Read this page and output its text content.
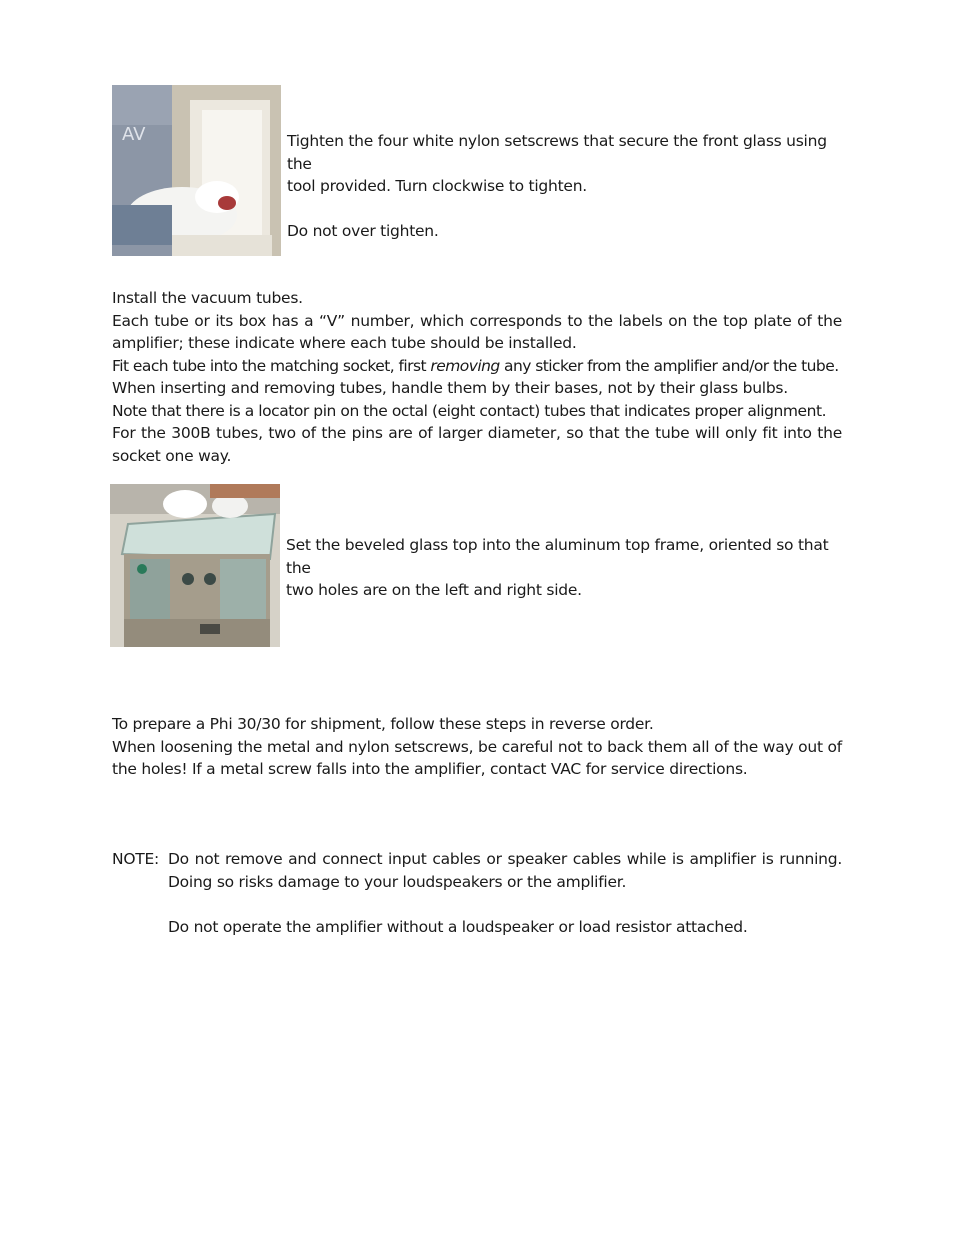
AV	Tighten the four white nylon setscrews that secure the front glass using the
tool provided. Turn clockwise to tighten.
Do not over tighten.

Install the vacuum tubes.

Each tube or its box has a “V” number, which corresponds to the labels on the top plate of the amplifier; these indicate where each tube should be installed.

Fit each tube into the matching socket, first removing any sticker from the amplifier and/or the tube.

When inserting and removing tubes, handle them by their bases, not by their glass bulbs.

Note that there is a locator pin on the octal (eight contact) tubes that indicates proper alignment.

For the 300B tubes, two of the pins are of larger diameter, so that the tube will only fit into the socket one way.

Set the beveled glass top into the aluminum top frame, oriented so that the
two holes are on the left and right side.

To prepare a Phi 30/30 for shipment, follow these steps in reverse order.

When loosening the metal and nylon setscrews, be careful not to back them all of the way out of the holes! If a metal screw falls into the amplifier, contact VAC for service directions.

NOTE: Do not remove and connect input cables or speaker cables while is amplifier is running. Doing so risks damage to your loudspeakers or the amplifier.

Do not operate the amplifier without a loudspeaker or load resistor attached.
